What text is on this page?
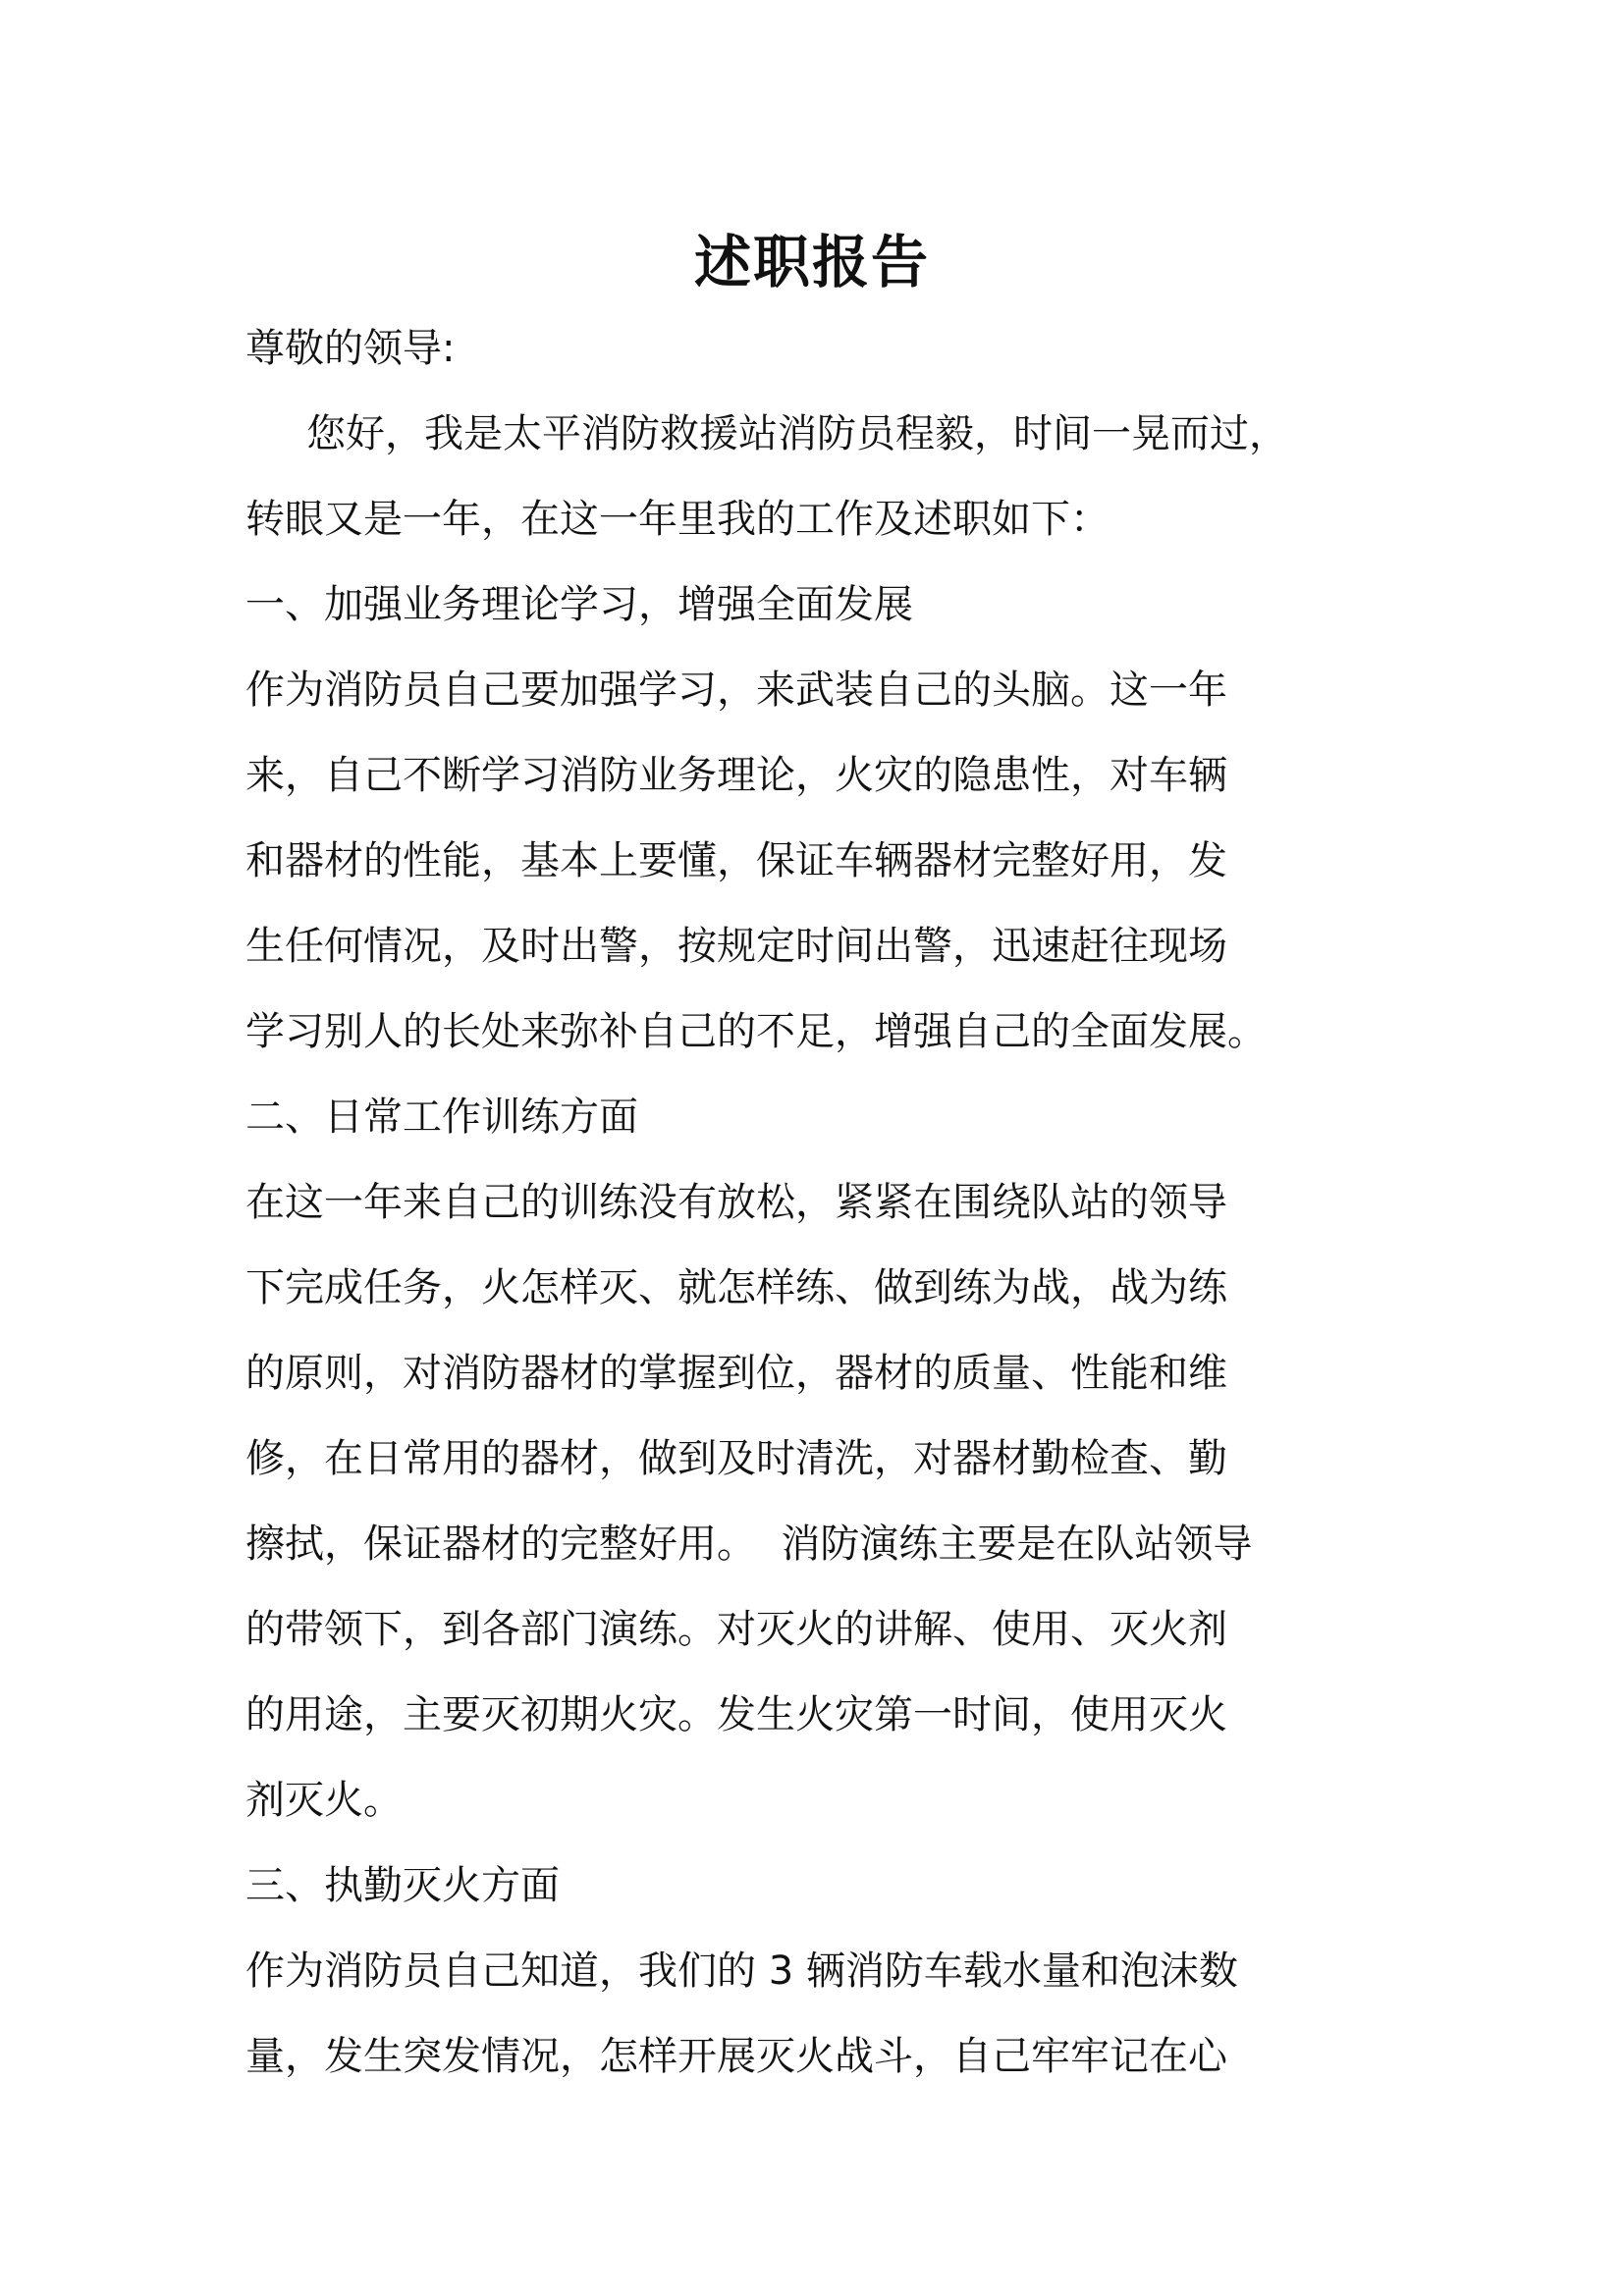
述职报告
尊敬的领导:
您好，我是太平消防救援站消防员程毅，时间一晃而过，
转眼又是一年，在这一年里我的工作及述职如下：
一、加强业务理论学习，增强全面发展
作为消防员自己要加强学习，来武装自己的头脑。这一年
来，自己不断学习消防业务理论，火灾的隐患性，对车辆
和器材的性能，基本上要懂，保证车辆器材完整好用，发
生任何情况，及时出警，按规定时间出警，迅速赶往现场
学习别人的长处来弥补自己的不足，增强自己的全面发展。
二、日常工作训练方面
在这一年来自己的训练没有放松，紧紧在围绕队站的领导
下完成任务，火怎样灭、就怎样练、做到练为战，战为练
的原则，对消防器材的掌握到位，器材的质量、性能和维
修，在日常用的器材，做到及时清洗，对器材勤检查、勤
擦拭，保证器材的完整好用。  消防演练主要是在队站领导
的带领下，到各部门演练。对灭火的讲解、使用、灭火剂
的用途，主要灭初期火灾。发生火灾第一时间，使用灭火
剂灭火。
三、执勤灭火方面
作为消防员自己知道，我们的 3 辆消防车载水量和泡沫数
量，发生突发情况，怎样开展灭火战斗，自己牢牢记在心
